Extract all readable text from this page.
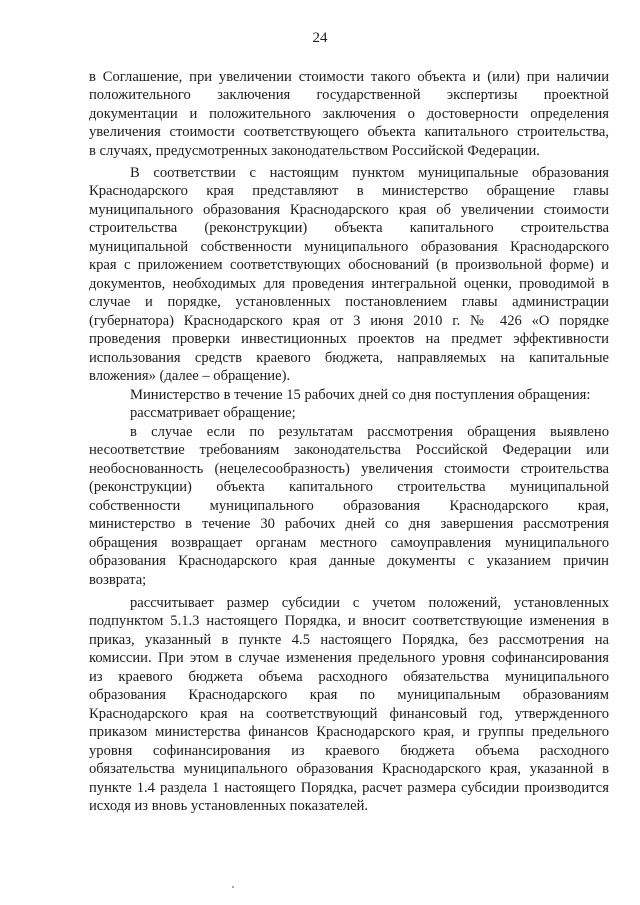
24
в Соглашение, при увеличении стоимости такого объекта и (или) при наличии
положительного заключения государственной экспертизы проектной
документации и положительного заключения о достоверности определения
увеличения стоимости соответствующего объекта капитального строительства,
в случаях, предусмотренных законодательством Российской Федерации.
В соответствии с настоящим пунктом муниципальные образования
Краснодарского края представляют в министерство обращение главы
муниципального образования Краснодарского края об увеличении стоимости
строительства (реконструкции) объекта капитального строительства
муниципальной собственности муниципального образования Краснодарского
края с приложением соответствующих обоснований (в произвольной форме) и
документов, необходимых для проведения интегральной оценки, проводимой в
случае и порядке, установленных постановлением главы администрации
(губернатора) Краснодарского края от 3 июня 2010 г. № 426 «О порядке
проведения проверки инвестиционных проектов на предмет эффективности
использования средств краевого бюджета, направляемых на капитальные
вложения» (далее – обращение).
Министерство в течение 15 рабочих дней со дня поступления обращения:
рассматривает обращение;
в случае если по результатам рассмотрения обращения выявлено
несоответствие требованиям законодательства Российской Федерации или
необоснованность (нецелесообразность) увеличения стоимости строительства
(реконструкции) объекта капитального строительства муниципальной
собственности муниципального образования Краснодарского края,
министерство в течение 30 рабочих дней со дня завершения рассмотрения
обращения возвращает органам местного самоуправления муниципального
образования Краснодарского края данные документы с указанием причин
возврата;
рассчитывает размер субсидии с учетом положений, установленных
подпунктом 5.1.3 настоящего Порядка, и вносит соответствующие изменения в
приказ, указанный в пункте 4.5 настоящего Порядка, без рассмотрения на
комиссии. При этом в случае изменения предельного уровня софинансирования
из краевого бюджета объема расходного обязательства муниципального
образования Краснодарского края по муниципальным образованиям
Краснодарского края на соответствующий финансовый год, утвержденного
приказом министерства финансов Краснодарского края, и группы предельного
уровня софинансирования из краевого бюджета объема расходного
обязательства муниципального образования Краснодарского края, указанной в
пункте 1.4 раздела 1 настоящего Порядка, расчет размера субсидии производится
исходя из вновь установленных показателей.
